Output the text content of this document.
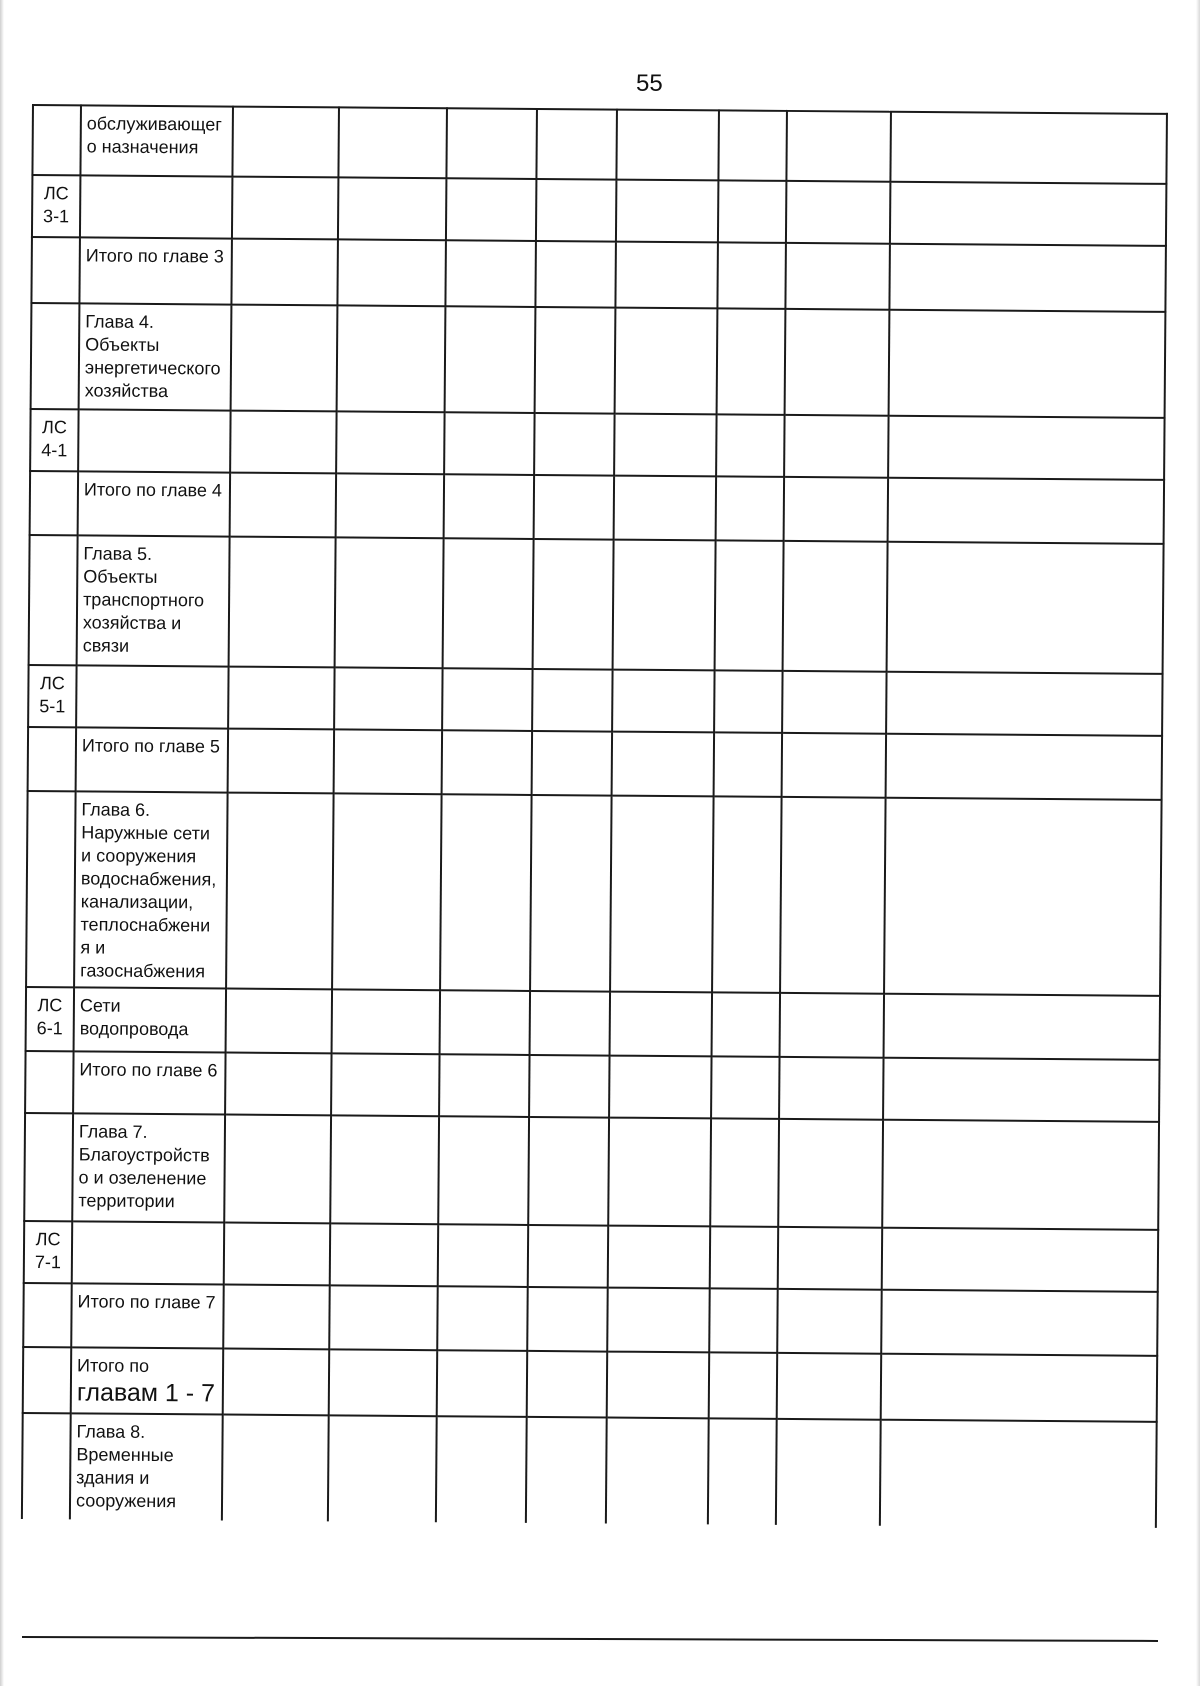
55

	обслуживающег о назначения								

ЛС 3-1	

	Итого по главе 3								

	Глава 4. Объекты энергетического хозяйства								

ЛС 4-1	

	Итого по главе 4								

	Глава 5. Объекты транспортного хозяйства и связи								

ЛС 5-1	

	Итого по главе 5								

	Глава 6. Наружные сети и сооружения водоснабжения, канализации, теплоснабжени я и газоснабжения								

ЛС 6-1	Сети водопровода								

	Итого по главе 6								

	Глава 7. Благоустройств о и озеленение территории								

ЛС 7-1	

	Итого по главе 7								

	Итого по
главам 1 - 7								

	Глава 8. Временные здания и сооружения								
